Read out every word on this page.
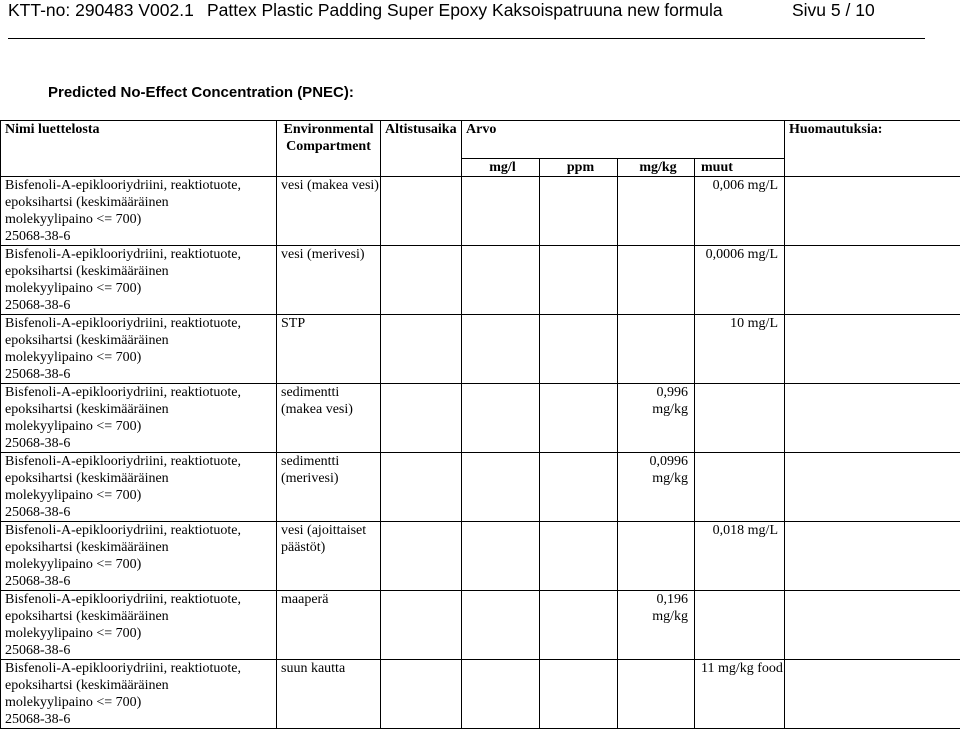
KTT-no: 290483 V002.1 Pattex Plastic Padding Super Epoxy Kaksoispatruuna new formula	Sivu 5 / 10
Predicted No-Effect Concentration (PNEC):
Nimi luettelosta	Environmental Compartment	Altistusaika	Arvo				Huomautuksia:
			mg/l	ppm	mg/kg	muut	

Bisfenoli-A-epiklooriydriini, reaktiotuote,
epoksihartsi (keskimääräinen
molekyylipaino <= 700)
25068-38-6	vesi (makea vesi)					0,006 mg/L	

Bisfenoli-A-epiklooriydriini, reaktiotuote,
epoksihartsi (keskimääräinen
molekyylipaino <= 700)
25068-38-6	vesi (merivesi)					0,0006 mg/L	

Bisfenoli-A-epiklooriydriini, reaktiotuote,
epoksihartsi (keskimääräinen
molekyylipaino <= 700)
25068-38-6	STP					10 mg/L	

Bisfenoli-A-epiklooriydriini, reaktiotuote,
epoksihartsi (keskimääräinen
molekyylipaino <= 700)
25068-38-6	sedimentti (makea vesi)				0,996 mg/kg		

Bisfenoli-A-epiklooriydriini, reaktiotuote,
epoksihartsi (keskimääräinen
molekyylipaino <= 700)
25068-38-6	sedimentti (merivesi)				0,0996 mg/kg		

Bisfenoli-A-epiklooriydriini, reaktiotuote,
epoksihartsi (keskimääräinen
molekyylipaino <= 700)
25068-38-6	vesi (ajoittaiset päästöt)					0,018 mg/L	

Bisfenoli-A-epiklooriydriini, reaktiotuote,
epoksihartsi (keskimääräinen
molekyylipaino <= 700)
25068-38-6	maaperä				0,196 mg/kg		

Bisfenoli-A-epiklooriydriini, reaktiotuote,
epoksihartsi (keskimääräinen
molekyylipaino <= 700)
25068-38-6	suun kautta					11 mg/kg food	
